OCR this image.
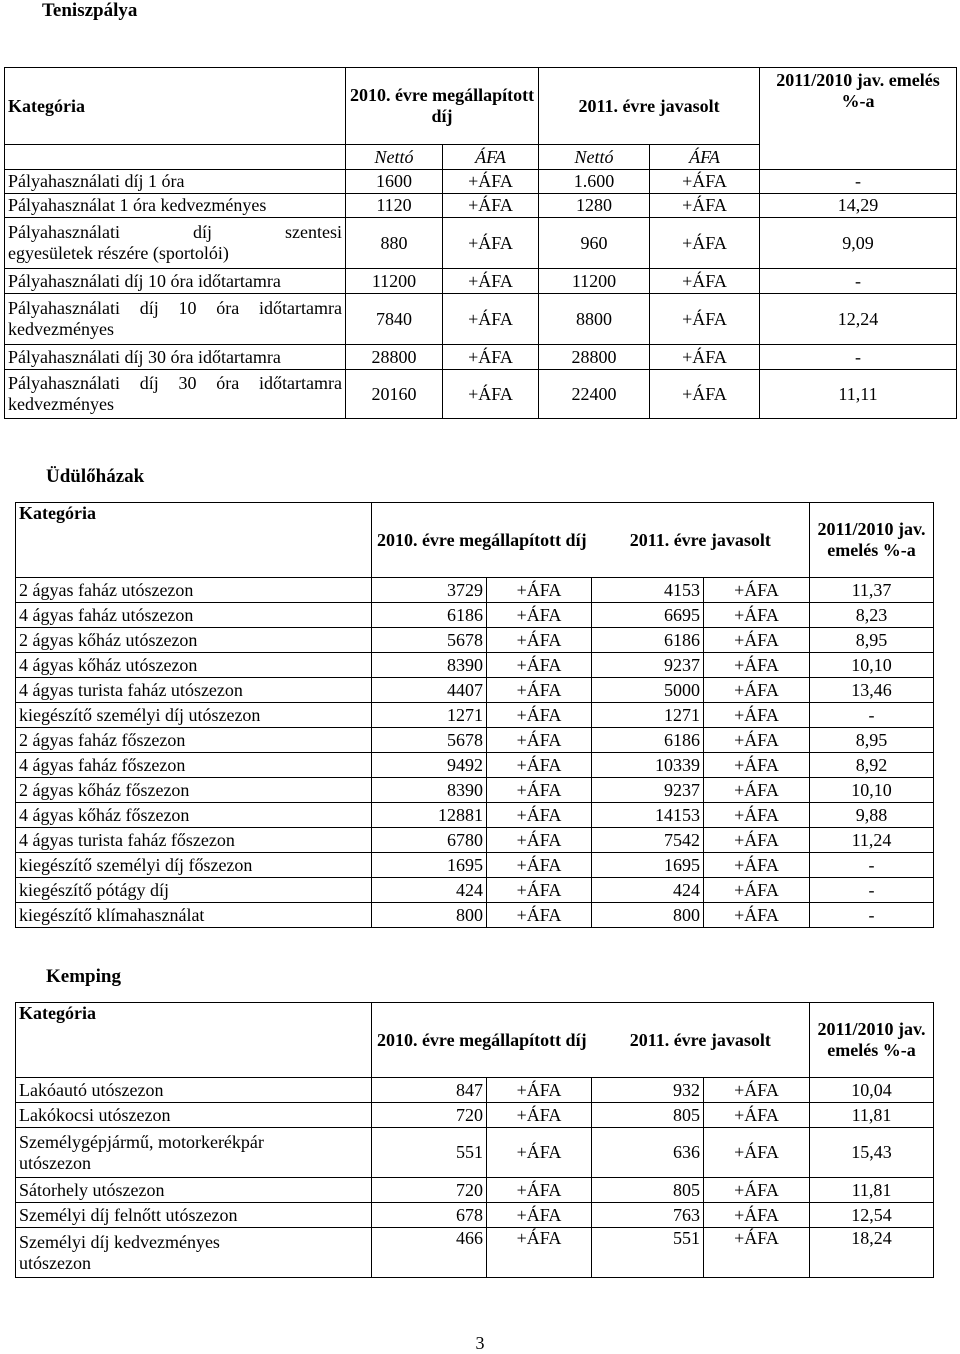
Teniszpálya
Kategória	2010. évre megállapított díj		2011. évre javasolt		2011/2010 jav. emelés %-a
	Nettó	ÁFA	Nettó	ÁFA	
Pályahasználati díj 1 óra	1600	+ÁFA	1.600	+ÁFA	-
Pályahasználat 1 óra kedvezményes	1120	+ÁFA	1280	+ÁFA	14,29

Pályahasználati díj szentesi
egyesületek részére (sportolói)	880	+ÁFA	960	+ÁFA	9,09
Pályahasználati díj 10 óra időtartamra	11200	+ÁFA	11200	+ÁFA	-

Pályahasználati díj 10 óra időtartamra
kedvezményes	7840	+ÁFA	8800	+ÁFA	12,24
Pályahasználati díj 30 óra időtartamra	28800	+ÁFA	28800	+ÁFA	-

Pályahasználati díj 30 óra időtartamra
kedvezményes	20160	+ÁFA	22400	+ÁFA	11,11
Üdülőházak
Kategória	2010. évre megállapított díj		2011. évre javasolt		2011/2010 jav. emelés %-a
2 ágyas faház utószezon	3729	+ÁFA	4153	+ÁFA	11,37
4 ágyas faház utószezon	6186	+ÁFA	6695	+ÁFA	8,23
2 ágyas kőház utószezon	5678	+ÁFA	6186	+ÁFA	8,95
4 ágyas kőház utószezon	8390	+ÁFA	9237	+ÁFA	10,10
4 ágyas turista faház utószezon	4407	+ÁFA	5000	+ÁFA	13,46
kiegészítő személyi díj utószezon	1271	+ÁFA	1271	+ÁFA	-
2 ágyas faház főszezon	5678	+ÁFA	6186	+ÁFA	8,95
4 ágyas faház főszezon	9492	+ÁFA	10339	+ÁFA	8,92
2 ágyas kőház főszezon	8390	+ÁFA	9237	+ÁFA	10,10
4 ágyas kőház főszezon	12881	+ÁFA	14153	+ÁFA	9,88
4 ágyas turista faház főszezon	6780	+ÁFA	7542	+ÁFA	11,24
kiegészítő személyi díj főszezon	1695	+ÁFA	1695	+ÁFA	-
kiegészítő pótágy díj	424	+ÁFA	424	+ÁFA	-
kiegészítő klímahasználat	800	+ÁFA	800	+ÁFA	-
Kemping
Kategória	2010. évre megállapított díj		2011. évre javasolt		2011/2010 jav. emelés %-a
Lakóautó utószezon	847	+ÁFA	932	+ÁFA	10,04
Lakókocsi utószezon	720	+ÁFA	805	+ÁFA	11,81

Személygépjármű, motorkerékpár
utószezon	551	+ÁFA	636	+ÁFA	15,43
Sátorhely utószezon	720	+ÁFA	805	+ÁFA	11,81
Személyi díj felnőtt utószezon	678	+ÁFA	763	+ÁFA	12,54

Személyi díj kedvezményes
utószezon	466	+ÁFA	551	+ÁFA	18,24
3
